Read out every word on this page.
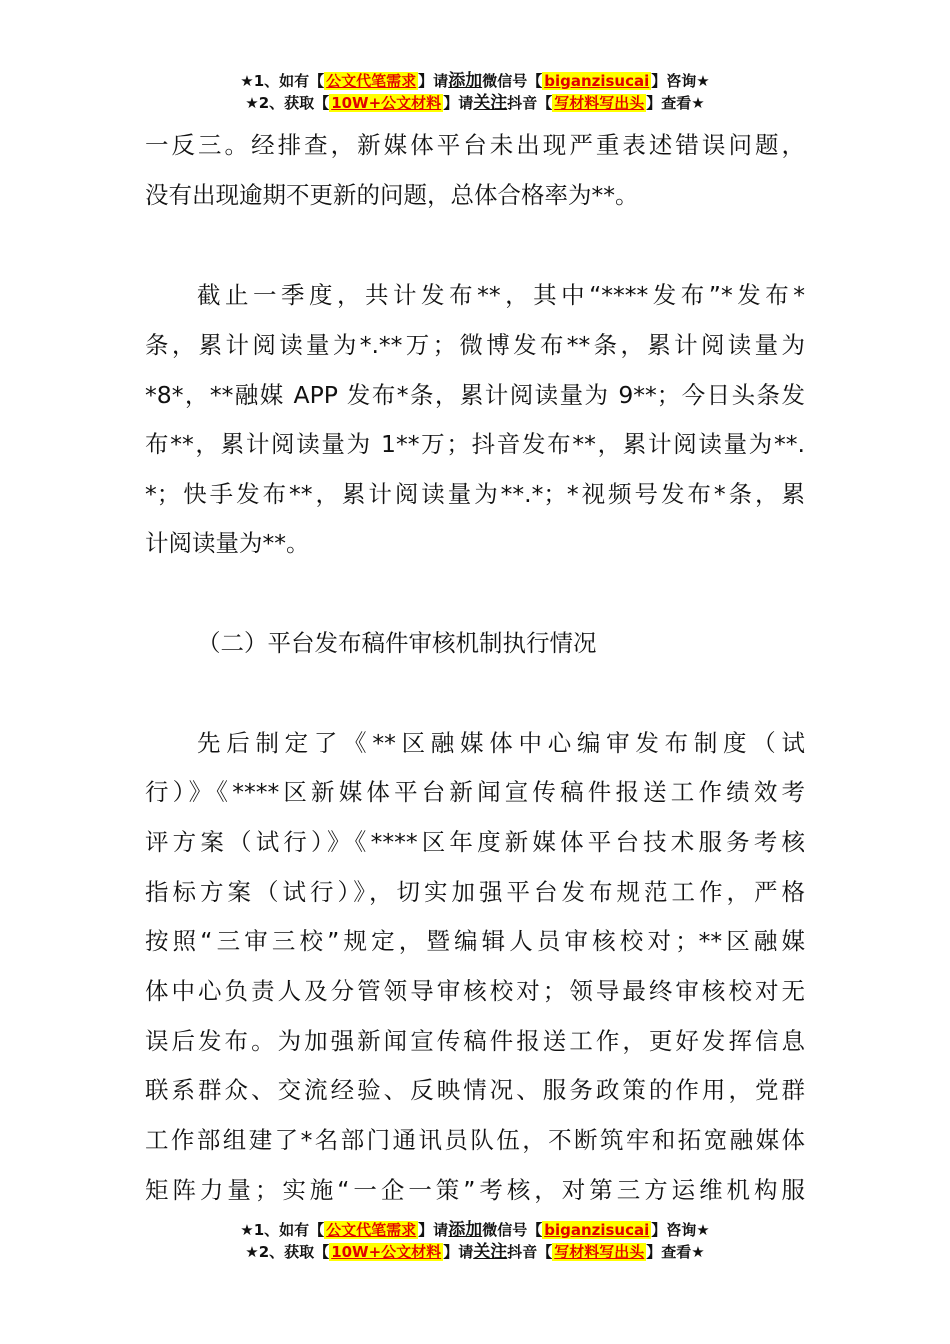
★1、如有【 公文代笔需求 】请添加微信号【 biganzisucai 】咨询★
★2、获取【 10W+公文材料 】请关注抖音【 写材料写出头 】查看★
一反三。经排查，新媒体平台未出现严重表述错误问题，
没有出现逾期不更新的问题，总体合格率为**。
截止一季度，共计发布**，其中“****发布”*发布*
条，累计阅读量为*.**万；微博发布**条，累计阅读量为
*8*，**融媒 APP 发布*条，累计阅读量为 9**；今日头条发
布**，累计阅读量为 1**万；抖音发布**，累计阅读量为**.
*；快手发布**，累计阅读量为**.*；*视频号发布*条，累
计阅读量为**。
（二）平台发布稿件审核机制执行情况
先后制定了《**区融媒体中心编审发布制度（试
行）》《****区新媒体平台新闻宣传稿件报送工作绩效考
评方案（试行）》《****区年度新媒体平台技术服务考核
指标方案（试行）》，切实加强平台发布规范工作，严格
按照“三审三校”规定，暨编辑人员审核校对；**区融媒
体中心负责人及分管领导审核校对；领导最终审核校对无
误后发布。为加强新闻宣传稿件报送工作，更好发挥信息
联系群众、交流经验、反映情况、服务政策的作用，党群
工作部组建了*名部门通讯员队伍，不断筑牢和拓宽融媒体
矩阵力量；实施“一企一策”考核，对第三方运维机构服
★1、如有【 公文代笔需求 】请添加微信号【 biganzisucai 】咨询★
★2、获取【 10W+公文材料 】请关注抖音【 写材料写出头 】查看★
